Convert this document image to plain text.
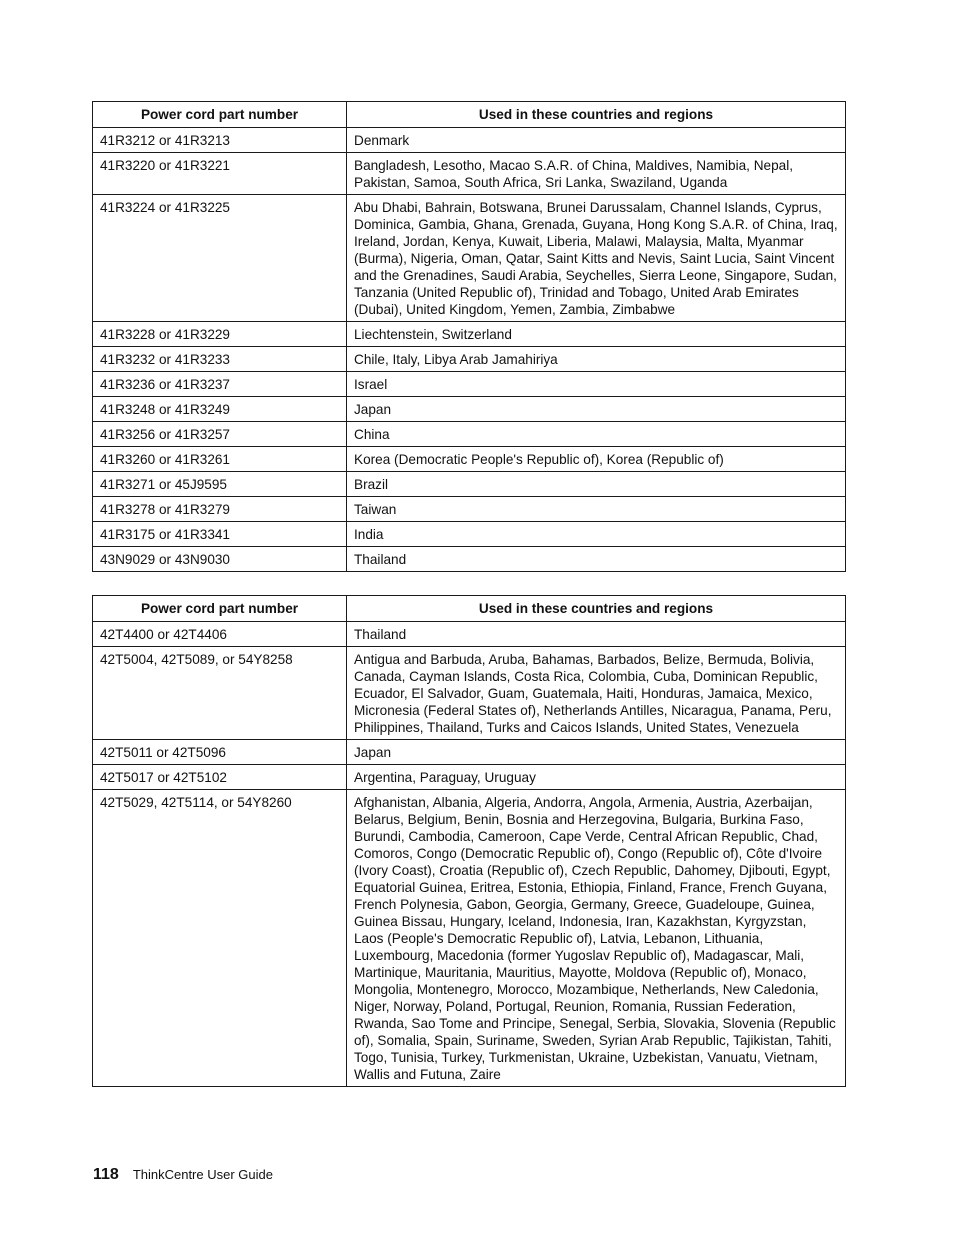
Power cord part number	Used in these countries and regions
41R3212 or 41R3213	Denmark
41R3220 or 41R3221	Bangladesh, Lesotho, Macao S.A.R. of China, Maldives, Namibia, Nepal, Pakistan, Samoa, South Africa, Sri Lanka, Swaziland, Uganda
41R3224 or 41R3225	Abu Dhabi, Bahrain, Botswana, Brunei Darussalam, Channel Islands, Cyprus, Dominica, Gambia, Ghana, Grenada, Guyana, Hong Kong S.A.R. of China, Iraq, Ireland, Jordan, Kenya, Kuwait, Liberia, Malawi, Malaysia, Malta, Myanmar (Burma), Nigeria, Oman, Qatar, Saint Kitts and Nevis, Saint Lucia, Saint Vincent and the Grenadines, Saudi Arabia, Seychelles, Sierra Leone, Singapore, Sudan, Tanzania (United Republic of), Trinidad and Tobago, United Arab Emirates (Dubai), United Kingdom, Yemen, Zambia, Zimbabwe
41R3228 or 41R3229	Liechtenstein, Switzerland
41R3232 or 41R3233	Chile, Italy, Libya Arab Jamahiriya
41R3236 or 41R3237	Israel
41R3248 or 41R3249	Japan
41R3256 or 41R3257	China
41R3260 or 41R3261	Korea (Democratic People's Republic of), Korea (Republic of)
41R3271 or 45J9595	Brazil
41R3278 or 41R3279	Taiwan
41R3175 or 41R3341	India
43N9029 or 43N9030	Thailand
Power cord part number	Used in these countries and regions
42T4400 or 42T4406	Thailand
42T5004, 42T5089, or 54Y8258	Antigua and Barbuda, Aruba, Bahamas, Barbados, Belize, Bermuda, Bolivia, Canada, Cayman Islands, Costa Rica, Colombia, Cuba, Dominican Republic, Ecuador, El Salvador, Guam, Guatemala, Haiti, Honduras, Jamaica, Mexico, Micronesia (Federal States of), Netherlands Antilles, Nicaragua, Panama, Peru, Philippines, Thailand, Turks and Caicos Islands, United States, Venezuela
42T5011 or 42T5096	Japan
42T5017 or 42T5102	Argentina, Paraguay, Uruguay
42T5029, 42T5114, or 54Y8260	Afghanistan, Albania, Algeria, Andorra, Angola, Armenia, Austria, Azerbaijan, Belarus, Belgium, Benin, Bosnia and Herzegovina, Bulgaria, Burkina Faso, Burundi, Cambodia, Cameroon, Cape Verde, Central African Republic, Chad, Comoros, Congo (Democratic Republic of), Congo (Republic of), Côte d'Ivoire (Ivory Coast), Croatia (Republic of), Czech Republic, Dahomey, Djibouti, Egypt, Equatorial Guinea, Eritrea, Estonia, Ethiopia, Finland, France, French Guyana, French Polynesia, Gabon, Georgia, Germany, Greece, Guadeloupe, Guinea, Guinea Bissau, Hungary, Iceland, Indonesia, Iran, Kazakhstan, Kyrgyzstan, Laos (People's Democratic Republic of), Latvia, Lebanon, Lithuania, Luxembourg, Macedonia (former Yugoslav Republic of), Madagascar, Mali, Martinique, Mauritania, Mauritius, Mayotte, Moldova (Republic of), Monaco, Mongolia, Montenegro, Morocco, Mozambique, Netherlands, New Caledonia, Niger, Norway, Poland, Portugal, Reunion, Romania, Russian Federation, Rwanda, Sao Tome and Principe, Senegal, Serbia, Slovakia, Slovenia (Republic of), Somalia, Spain, Suriname, Sweden, Syrian Arab Republic, Tajikistan, Tahiti, Togo, Tunisia, Turkey, Turkmenistan, Ukraine, Uzbekistan, Vanuatu, Vietnam, Wallis and Futuna, Zaire
118 ThinkCentre User Guide
